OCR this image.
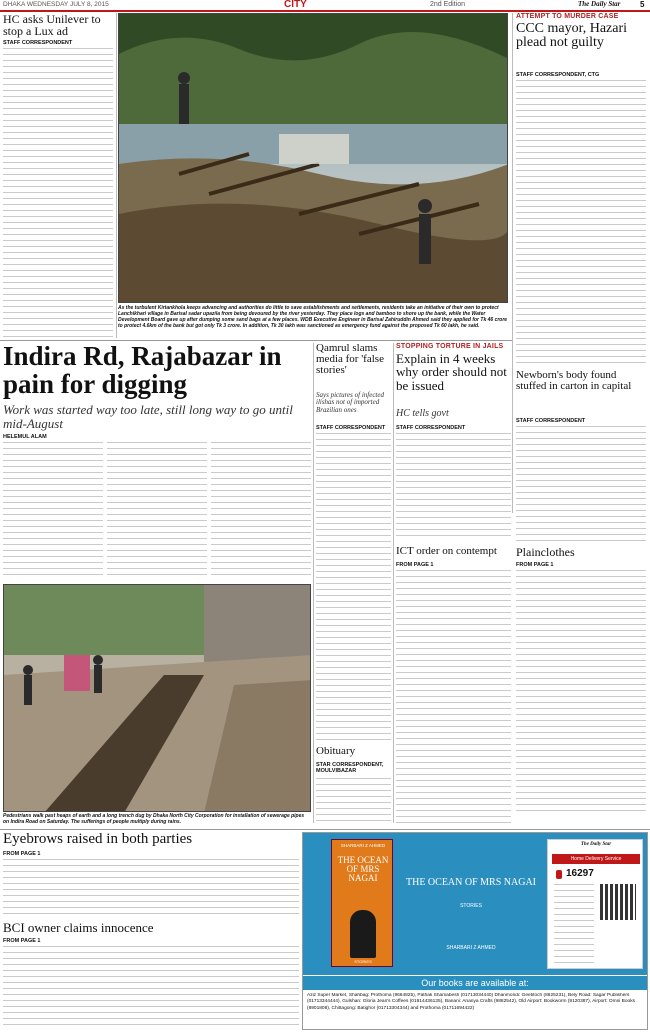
DHAKA WEDNESDAY JULY 8, 2015	CITY	2nd Edition	The Daily Star 5
HC asks Unilever to stop a Lux ad
STAFF CORRESPONDENT
As the turbulent Kirtankhola keeps advancing and authorities do little to save establishments and settlements, residents take an initiative of their own to protect Lanchikhari village in Barisal sadar upazila from being devoured by the river yesterday. They place logs and bamboo to shore up the bank, while the Water Development Board gave up after dumping some sand bags at a few places. WDB Executive Engineer in Barisal Zahiruddin Ahmed said they applied for Tk 46 crore to protect 4.6km of the bank but got only Tk 3 crore. In addition, Tk 30 lakh was sanctioned as emergency fund against the proposed Tk 60 lakh, he said.
ATTEMPT TO MURDER CASE
CCC mayor, Hazari plead not guilty
STAFF CORRESPONDENT, CTG
Newborn's body found stuffed in carton in capital
STAFF CORRESPONDENT
Plainclothes
FROM PAGE 1
Indira Rd, Rajabazar in pain for digging
Work was started way too late, still long way to go until mid-August
HELEMUL ALAM
Pedestrians walk past heaps of earth and a long trench dug by Dhaka North City Corporation for installation of sewerage pipes on Indira Road on Saturday. The sufferings of people multiply during rains.
Qamrul slams media for 'false stories'
Says pictures of infected ilishas not of imported Brazilian ones
STAFF CORRESPONDENT
Obituary
STAR CORRESPONDENT, MOULVIBAZAR
STOPPING TORTURE IN JAILS
Explain in 4 weeks why order should not be issued
HC tells govt
STAFF CORRESPONDENT
ICT order on contempt
FROM PAGE 1
Eyebrows raised in both parties
FROM PAGE 1
BCI owner claims innocence
FROM PAGE 1
SHARBARI Z AHMED
THE OCEAN OF MRS NAGAI
STORIES
THE OCEAN OF MRS NAGAI
STORIES
SHARBARI Z AHMED
The Daily Star
Home Delivery Service
16297
Our books are available at:
Aziz Super Market, Shahbag: Prothoma (9664825), Pathak Shamabesh (01713034440) Dhanmondi: Geetitoch (8625231), Bely Road: Sagar Publishers (01713344444), Gulshan: Gloria Jean's Coffees (01914436135), Banani: Ananya Crafts (9882542), Old Airport: Bookworm (9120387), Airport: Omni Books (8901808), Chittagong: Batighor (01713304344) and Prothoma (01711694422)
